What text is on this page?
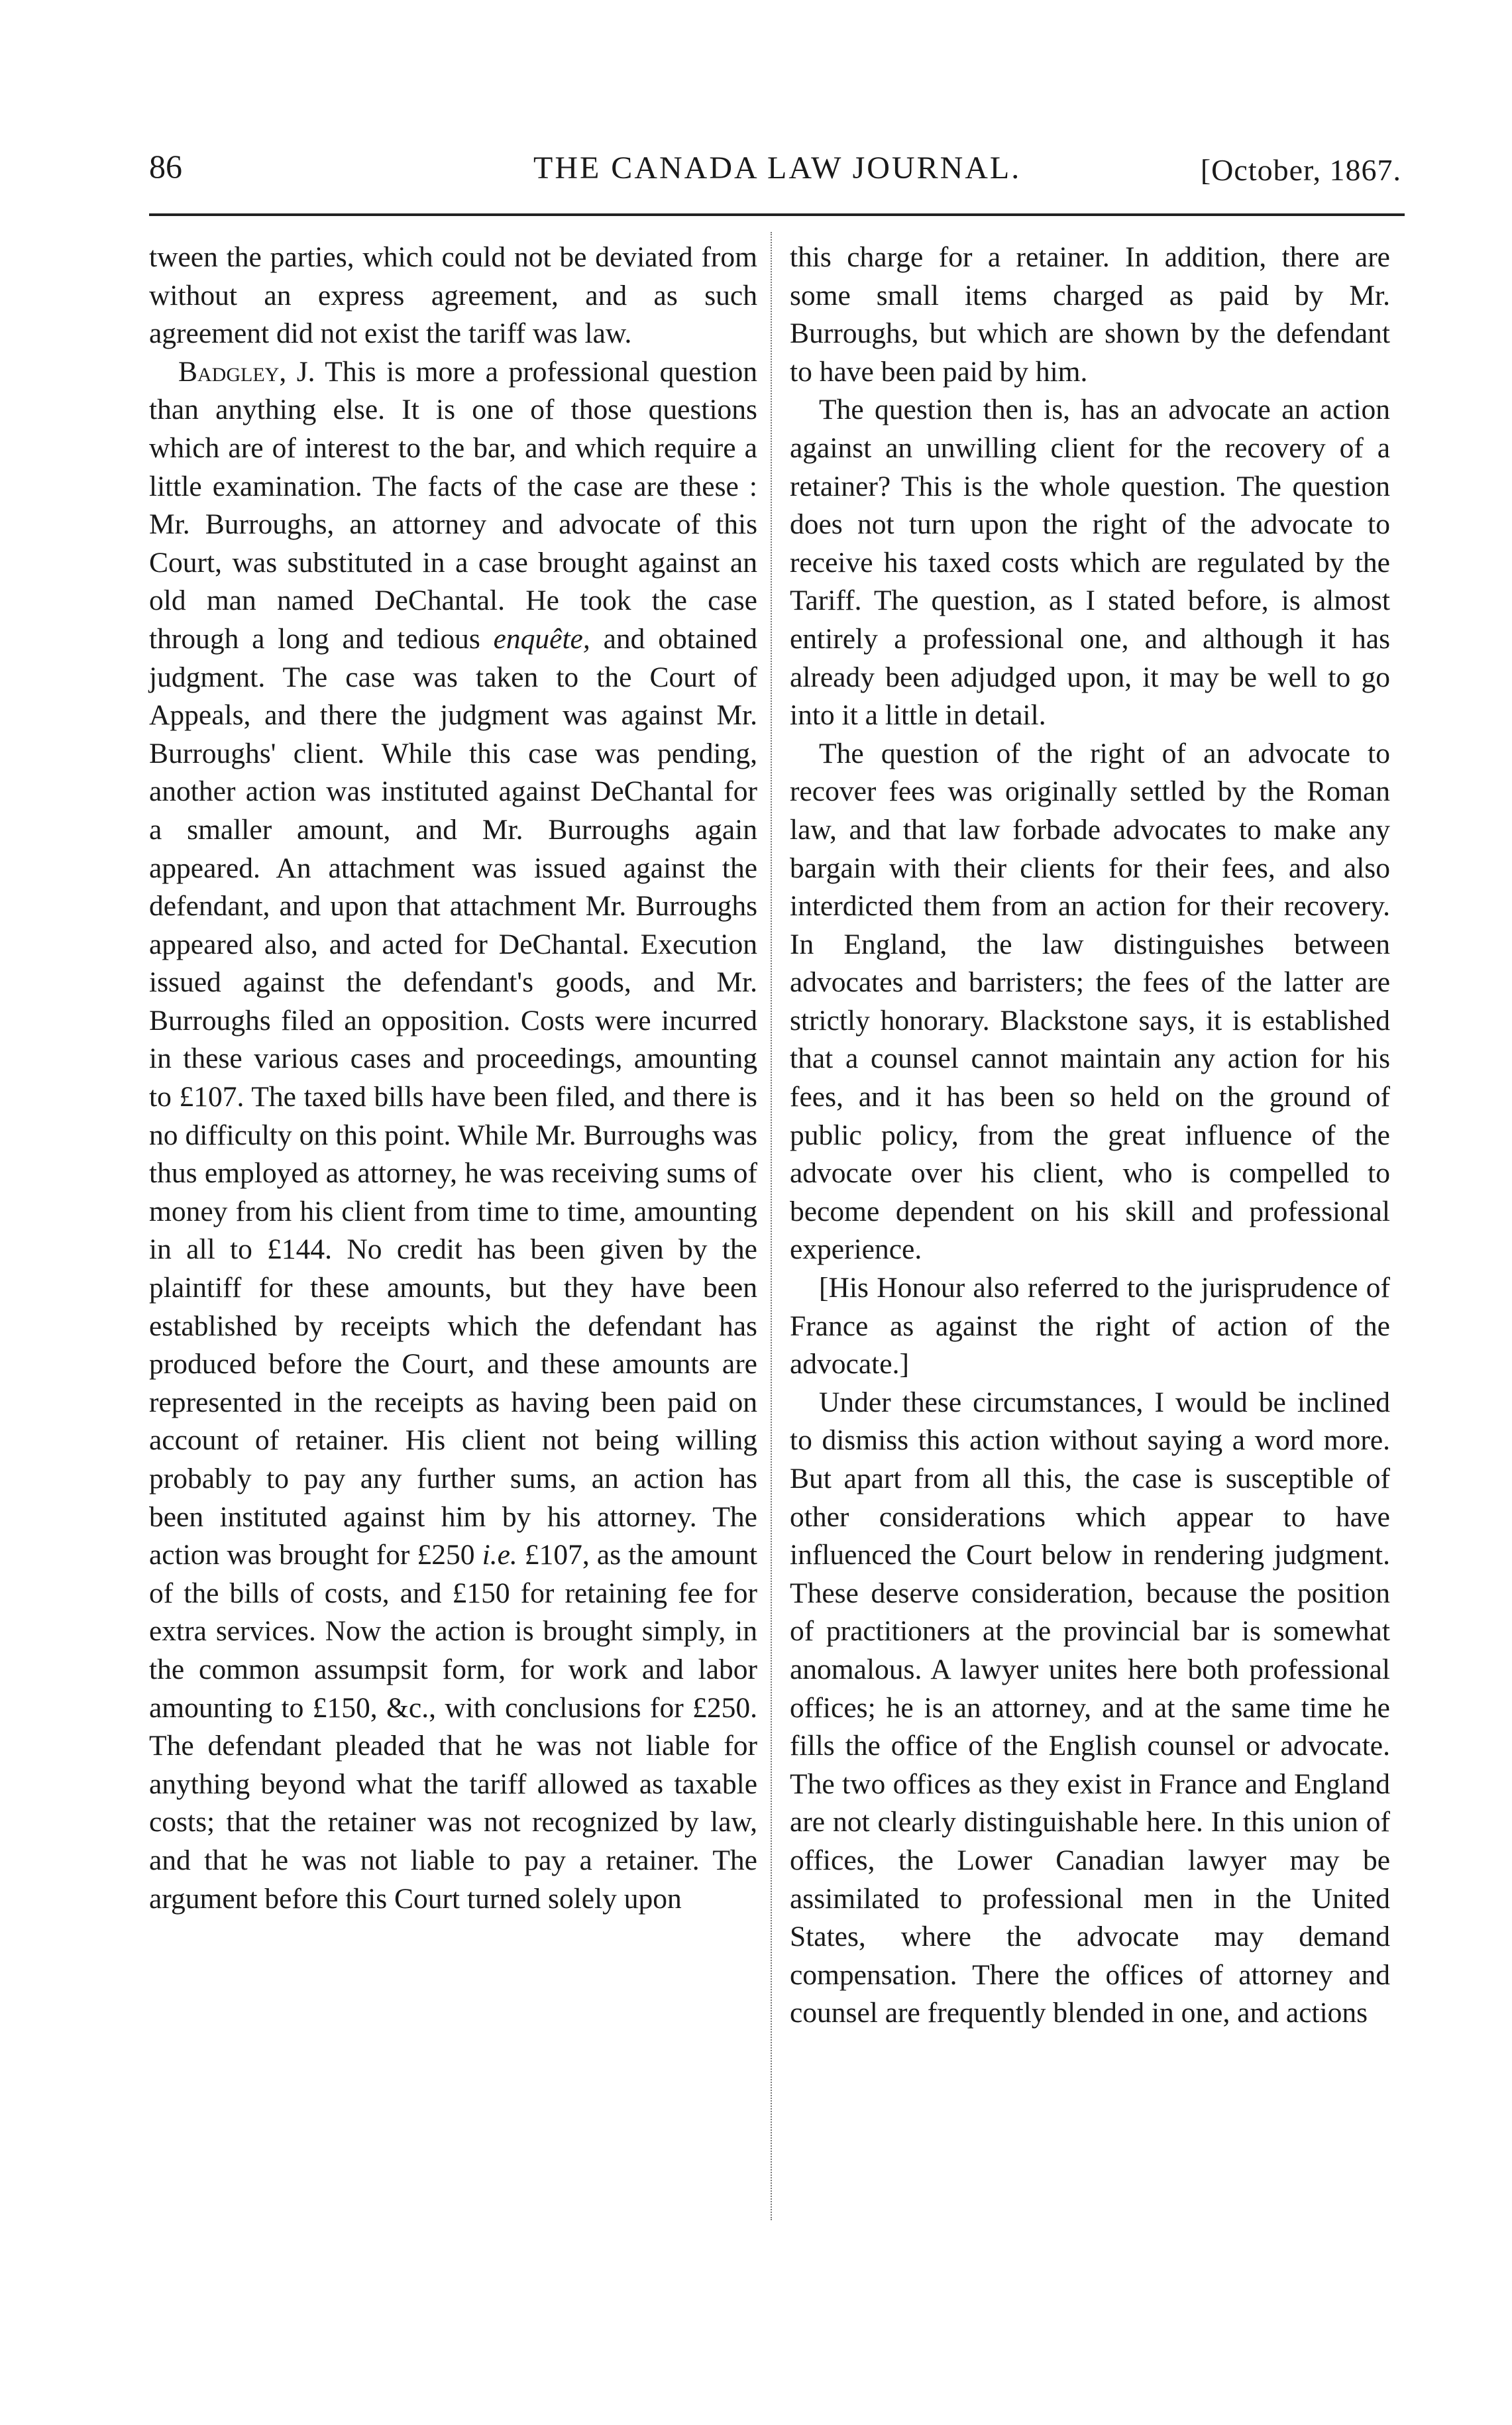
86	THE CANADA LAW JOURNAL.	[October, 1867.

tween the parties, which could not be deviated from without an express agreement, and as such agreement did not exist the tariff was law.

Badgley, J. This is more a professional question than anything else. It is one of those questions which are of interest to the bar, and which require a little examination. The facts of the case are these : Mr. Burroughs, an attorney and advocate of this Court, was substituted in a case brought against an old man named DeChantal. He took the case through a long and tedious enquête, and obtained judgment. The case was taken to the Court of Appeals, and there the judgment was against Mr. Burroughs' client. While this case was pending, another action was instituted against DeChantal for a smaller amount, and Mr. Burroughs again appeared. An attachment was issued against the defendant, and upon that attachment Mr. Burroughs appeared also, and acted for DeChantal. Execution issued against the defendant's goods, and Mr. Burroughs filed an opposition. Costs were incurred in these various cases and proceedings, amounting to £107. The taxed bills have been filed, and there is no difficulty on this point. While Mr. Burroughs was thus employed as attorney, he was receiving sums of money from his client from time to time, amounting in all to £144. No credit has been given by the plaintiff for these amounts, but they have been established by receipts which the defendant has produced before the Court, and these amounts are represented in the receipts as having been paid on account of retainer. His client not being willing probably to pay any further sums, an action has been instituted against him by his attorney. The action was brought for £250 i.e. £107, as the amount of the bills of costs, and £150 for retaining fee for extra services. Now the action is brought simply, in the common assumpsit form, for work and labor amounting to £150, &c., with conclusions for £250. The defendant pleaded that he was not liable for anything beyond what the tariff allowed as taxable costs; that the retainer was not recognized by law, and that he was not liable to pay a retainer. The argument before this Court turned solely upon

this charge for a retainer. In addition, there are some small items charged as paid by Mr. Burroughs, but which are shown by the defendant to have been paid by him.

The question then is, has an advocate an action against an unwilling client for the recovery of a retainer? This is the whole question. The question does not turn upon the right of the advocate to receive his taxed costs which are regulated by the Tariff. The question, as I stated before, is almost entirely a professional one, and although it has already been adjudged upon, it may be well to go into it a little in detail.

The question of the right of an advocate to recover fees was originally settled by the Roman law, and that law forbade advocates to make any bargain with their clients for their fees, and also interdicted them from an action for their recovery. In England, the law distinguishes between advocates and barristers; the fees of the latter are strictly honorary. Blackstone says, it is established that a counsel cannot maintain any action for his fees, and it has been so held on the ground of public policy, from the great influence of the advocate over his client, who is compelled to become dependent on his skill and professional experience.

[His Honour also referred to the jurisprudence of France as against the right of action of the advocate.]

Under these circumstances, I would be inclined to dismiss this action without saying a word more. But apart from all this, the case is susceptible of other considerations which appear to have influenced the Court below in rendering judgment. These deserve consideration, because the position of practitioners at the provincial bar is somewhat anomalous. A lawyer unites here both professional offices; he is an attorney, and at the same time he fills the office of the English counsel or advocate. The two offices as they exist in France and England are not clearly distinguishable here. In this union of offices, the Lower Canadian lawyer may be assimilated to professional men in the United States, where the advocate may demand compensation. There the offices of attorney and counsel are frequently blended in one, and actions
